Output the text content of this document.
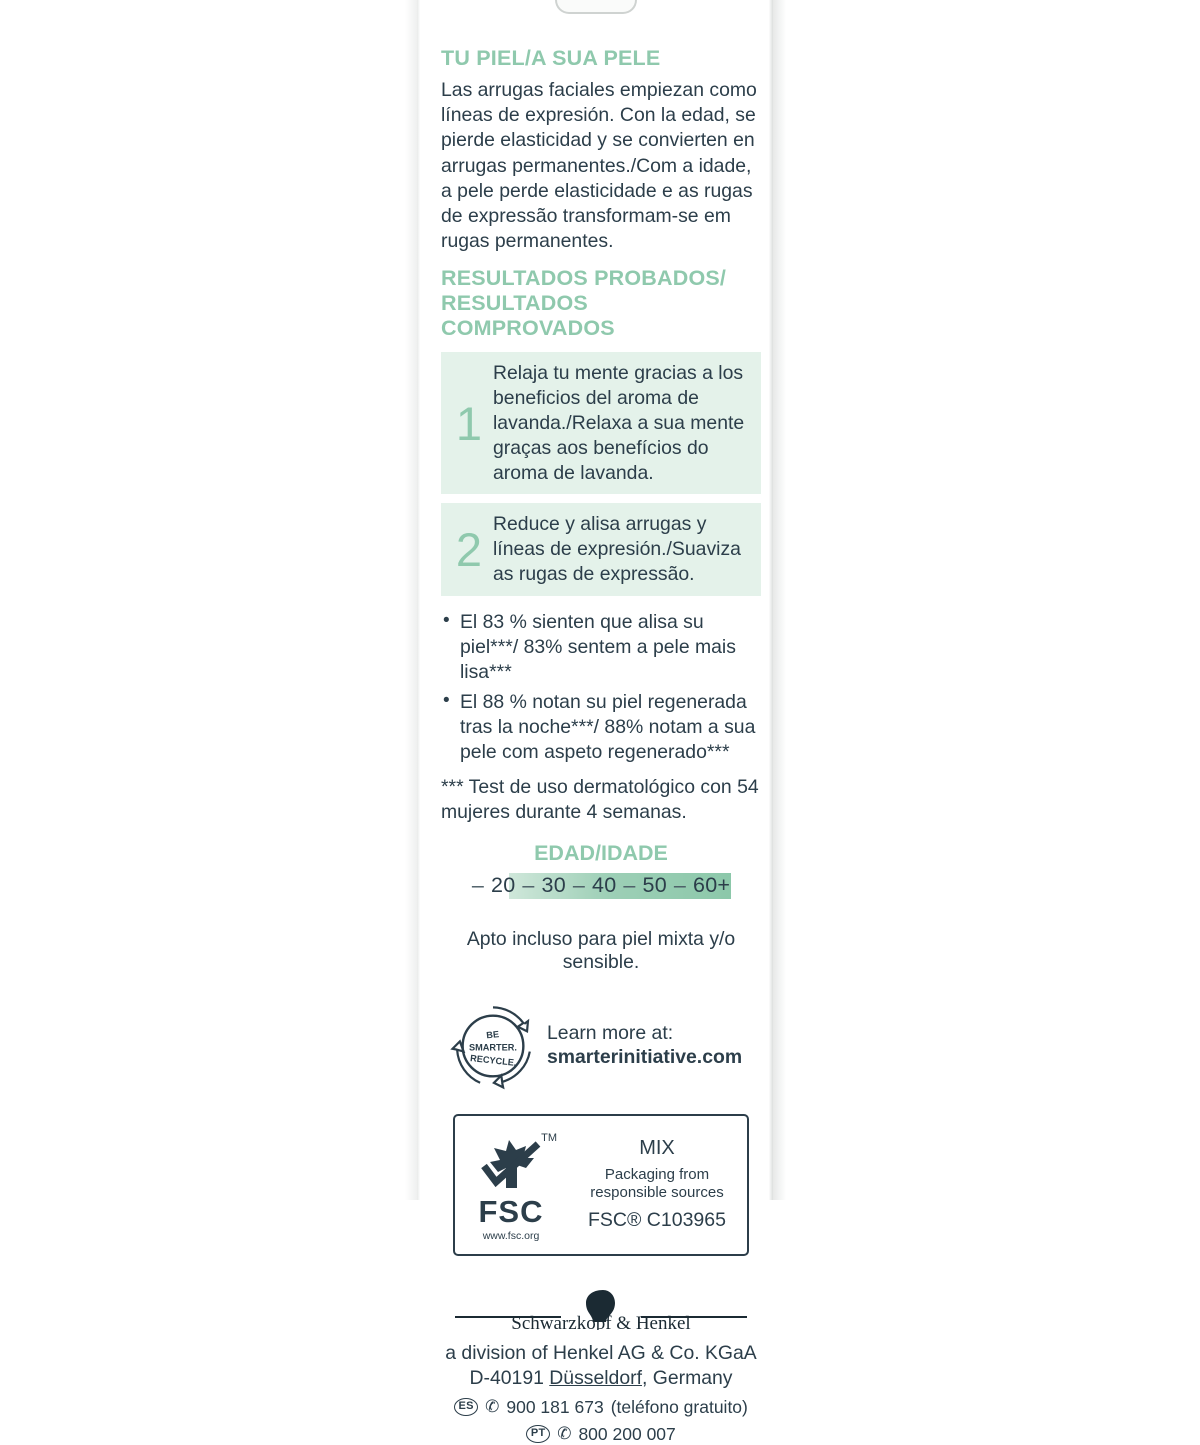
TU PIEL/A SUA PELE
Las arrugas faciales empiezan como líneas de expresión. Con la edad, se pierde elasticidad y se convierten en arrugas permanentes./Com a idade, a pele perde elasticidade e as rugas de expressão transformam-se em rugas permanentes.
RESULTADOS PROBADOS/
RESULTADOS COMPROVADOS
1
Relaja tu mente gracias a los beneficios del aroma de lavanda./Relaxa a sua mente graças aos benefícios do aroma de lavanda.
2 Reduce y alisa arrugas y líneas de expresión./Suaviza as rugas de expressão.
• El 83 % sienten que alisa su piel***/ 83% sentem a pele mais lisa***
• El 88 % notan su piel regenerada tras la noche***/ 88% notam a sua pele com aspeto regenerado***
*** Test de uso dermatológico con 54 mujeres durante 4 semanas.
EDAD/IDADE
– 20 – 30 – 40 – 50 – 60+
Apto incluso para piel mixta y/o sensible.
BE
SMARTER.
RECYCLE.
Learn more at:
smarterinitiative.com
TM
FSC
www.fsc.org
MIX
Packaging from
responsible sources
FSC® C103965
Schwarzkopf & Henkel
a division of Henkel AG & Co. KGaA
D-40191 Düsseldorf, Germany
ES ✆ 900 181 673 (teléfono gratuito)
PT ✆ 800 200 007
